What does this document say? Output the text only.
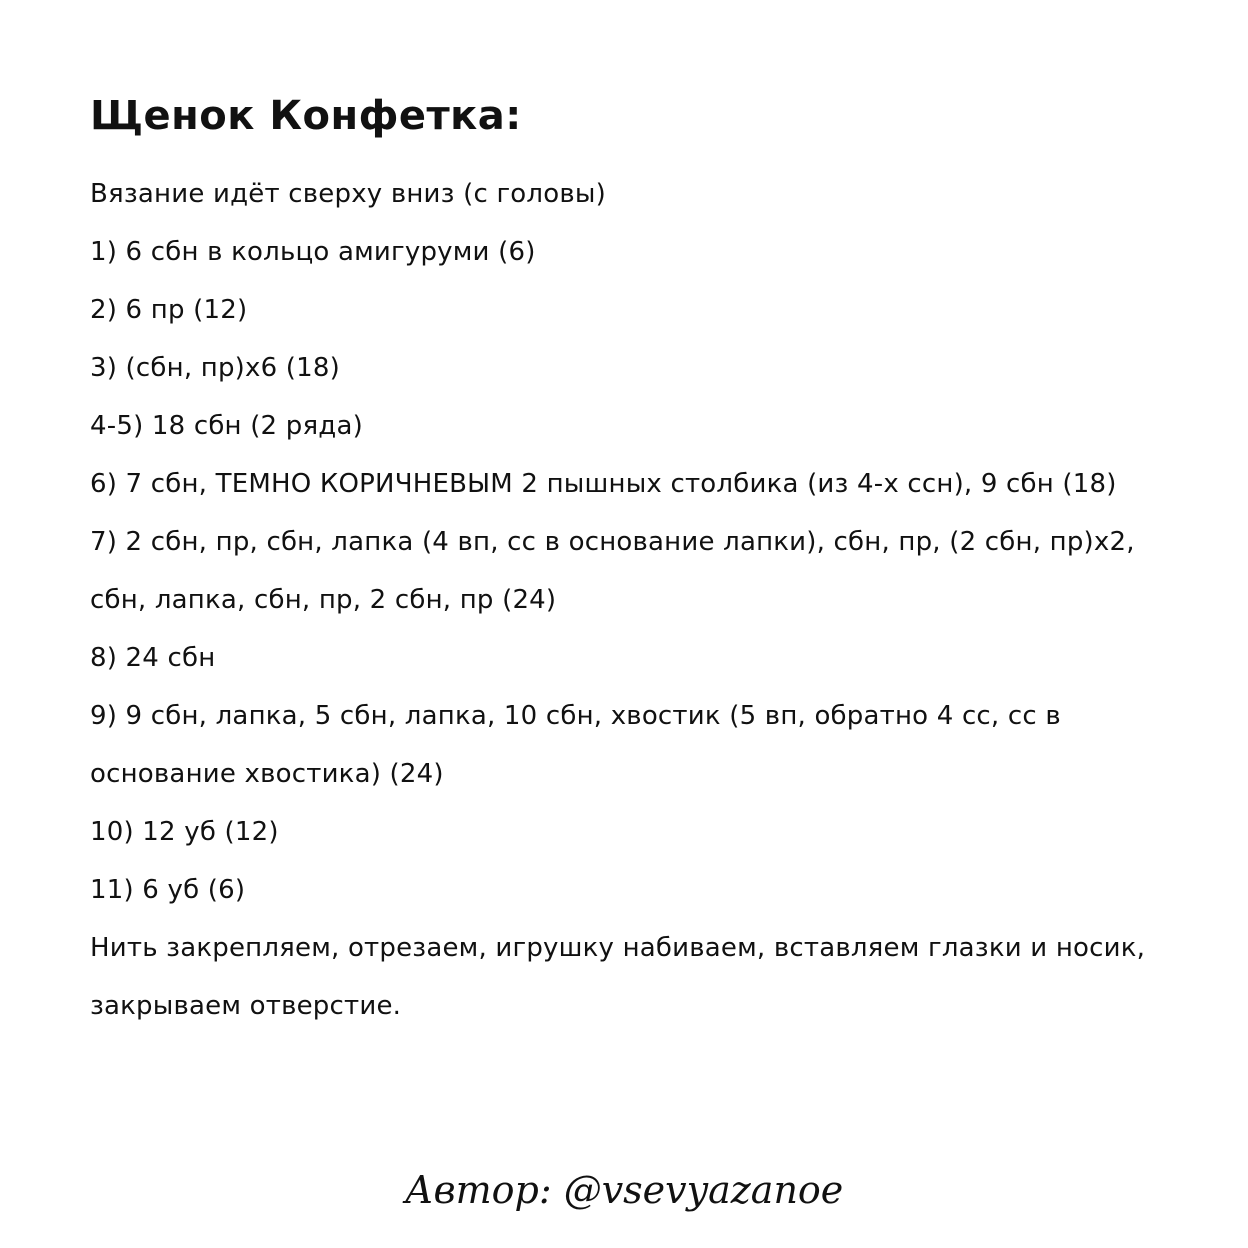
Щенок Конфетка:
Вязание идёт сверху вниз (с головы)
1) 6 сбн в кольцо амигуруми (6)
2) 6 пр (12)
3) (сбн, пр)х6 (18)
4-5) 18 сбн (2 ряда)
6) 7 сбн, ТЕМНО КОРИЧНЕВЫМ 2 пышных столбика (из 4-х ссн), 9 сбн (18)
7) 2 сбн, пр, сбн, лапка (4 вп, сс в основание лапки), сбн, пр, (2 сбн, пр)х2, сбн, лапка, сбн, пр, 2 сбн, пр (24)
8) 24 сбн
9) 9 сбн, лапка, 5 сбн, лапка, 10 сбн, хвостик (5 вп, обратно 4 сс, сс в основание хвостика) (24)
10) 12 уб (12)
11) 6 уб (6)
Нить закрепляем, отрезаем, игрушку набиваем, вставляем глазки и носик, закрываем отверстие.
Автор: @vsevyazanoe
